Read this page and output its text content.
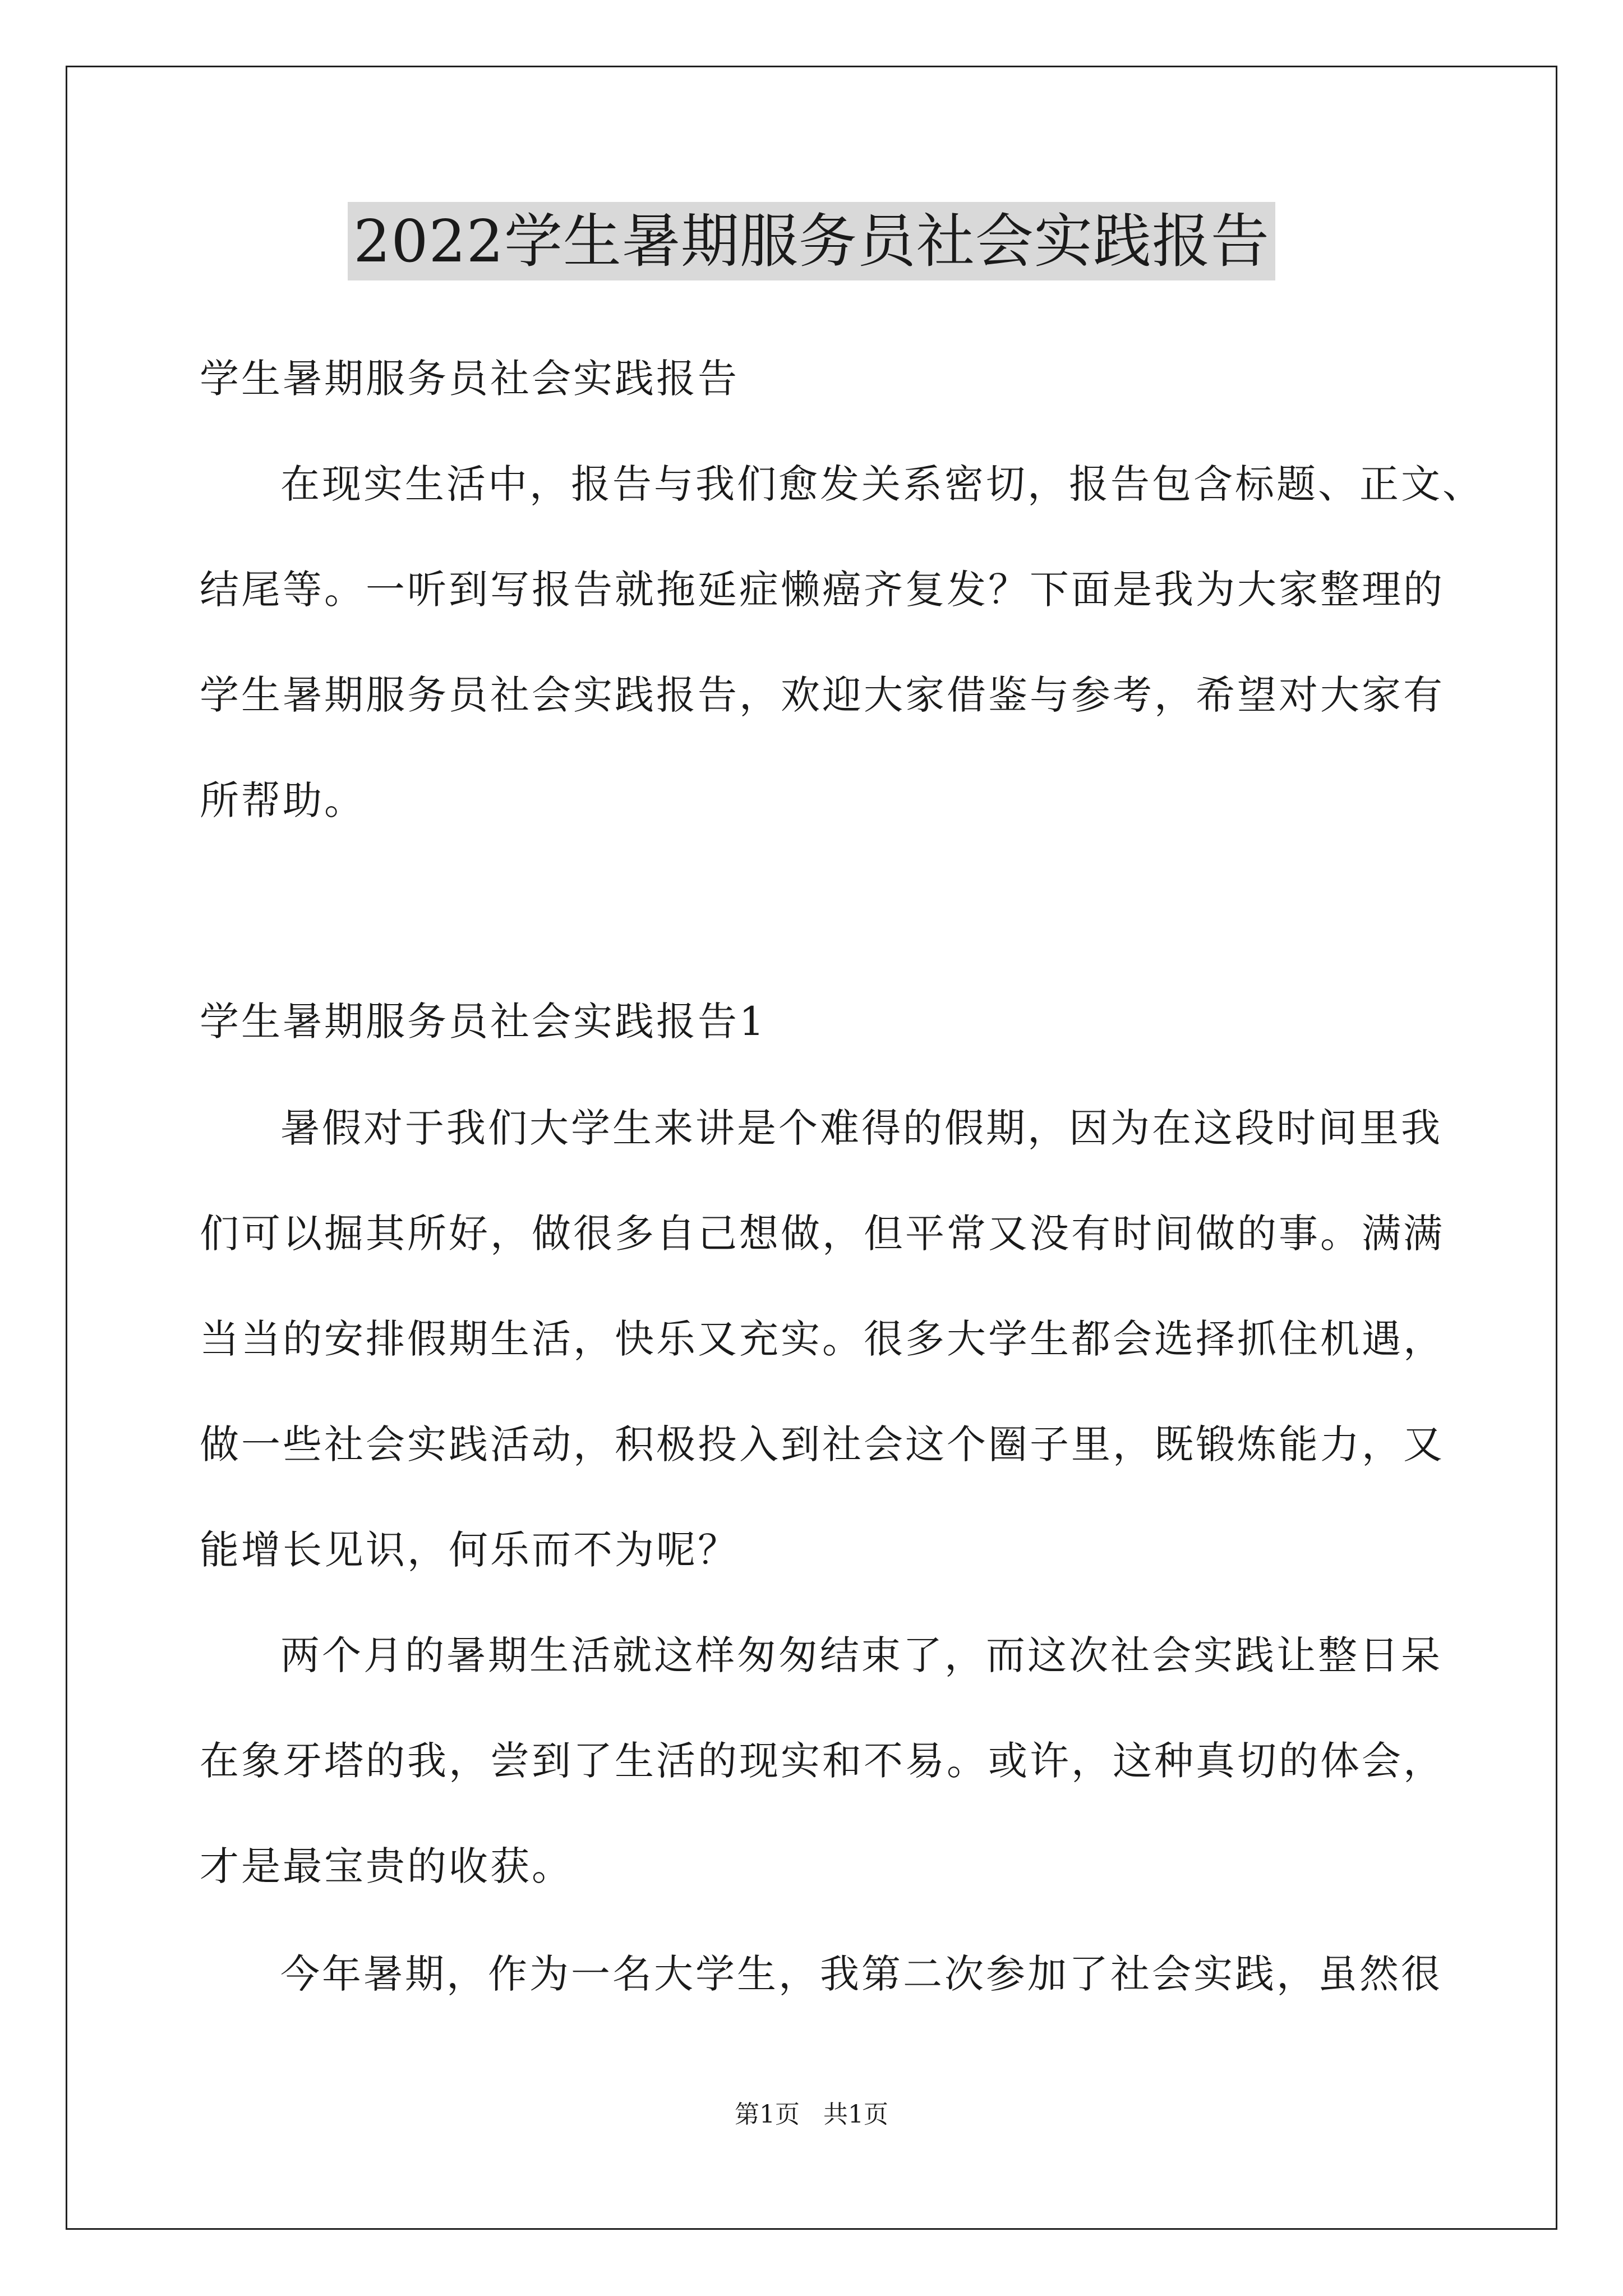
2022学生暑期服务员社会实践报告
学生暑期服务员社会实践报告
在现实生活中，报告与我们愈发关系密切，报告包含标题、正文、
结尾等。一听到写报告就拖延症懒癌齐复发？下面是我为大家整理的
学生暑期服务员社会实践报告，欢迎大家借鉴与参考，希望对大家有
所帮助。
学生暑期服务员社会实践报告1
暑假对于我们大学生来讲是个难得的假期，因为在这段时间里我
们可以掘其所好，做很多自己想做，但平常又没有时间做的事。满满
当当的安排假期生活，快乐又充实。很多大学生都会选择抓住机遇，
做一些社会实践活动，积极投入到社会这个圈子里，既锻炼能力，又
能增长见识，何乐而不为呢？
两个月的暑期生活就这样匆匆结束了，而这次社会实践让整日呆
在象牙塔的我，尝到了生活的现实和不易。或许，这种真切的体会，
才是最宝贵的收获。
今年暑期，作为一名大学生，我第二次参加了社会实践，虽然很
第1页   共1页
